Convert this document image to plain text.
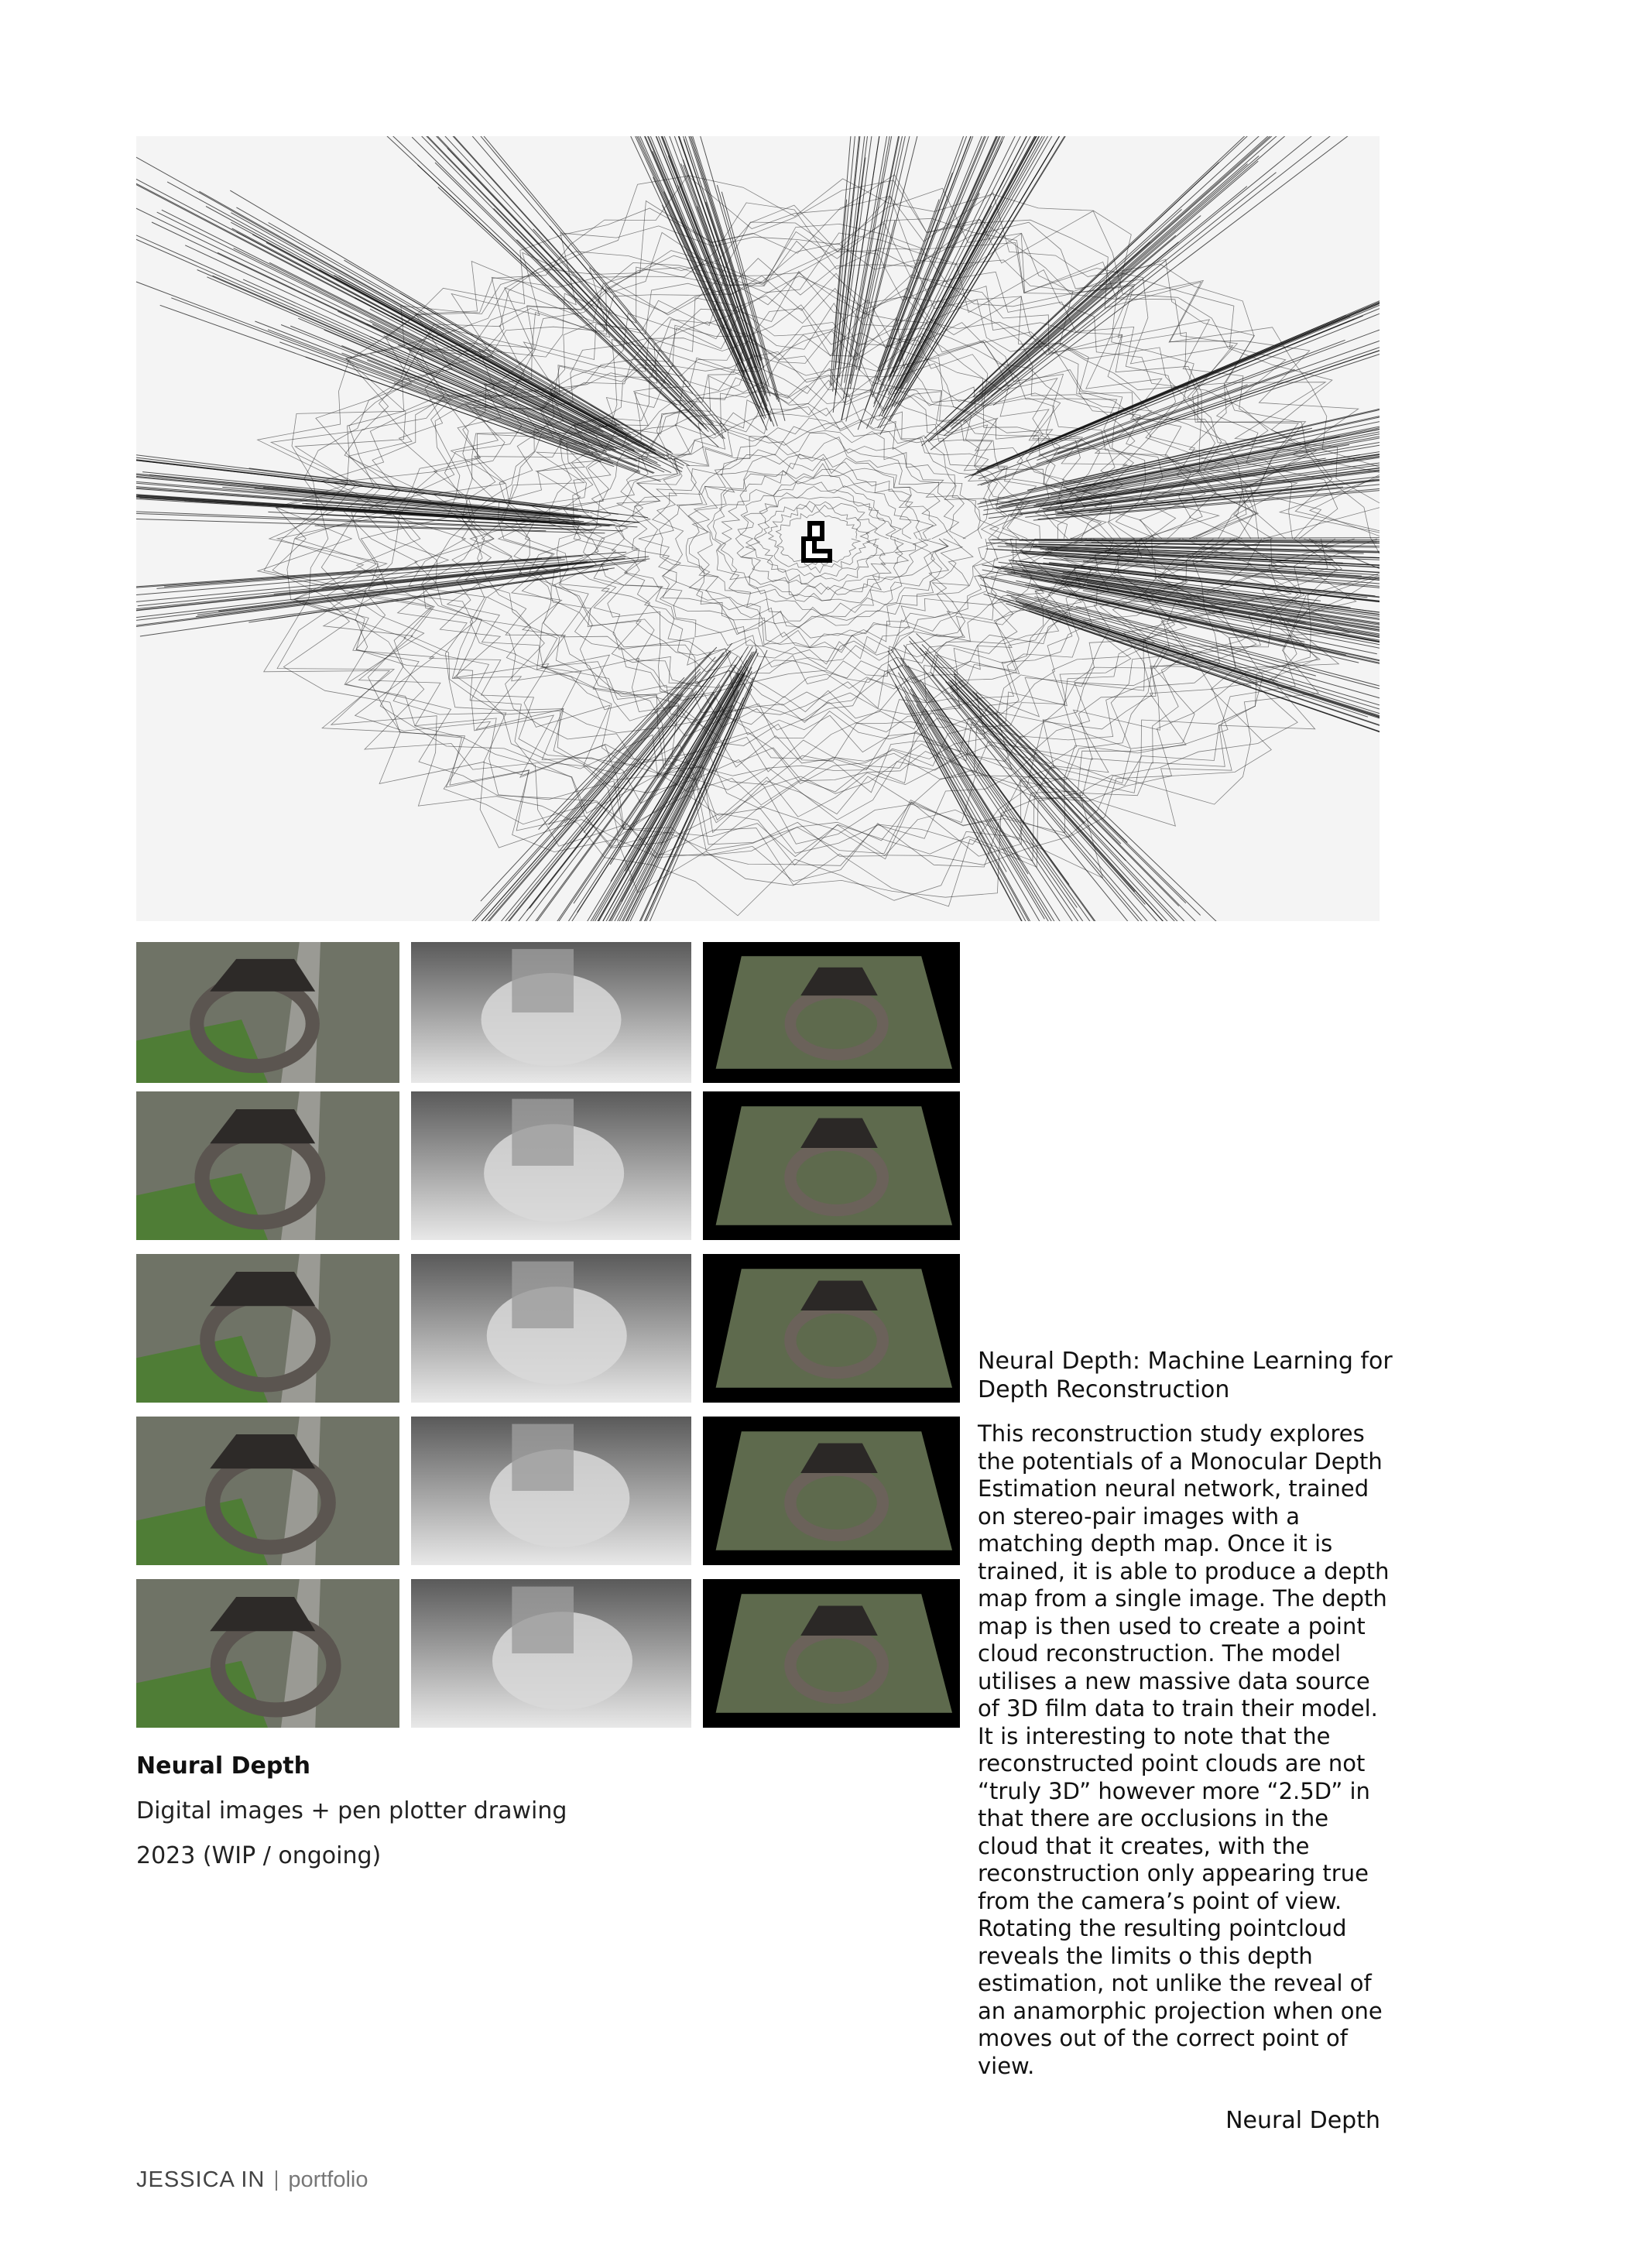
Neural Depth
Digital images + pen plotter drawing
2023 (WIP / ongoing)
Neural Depth: Machine Learning for Depth Reconstruction
This reconstruction study explores the potentials of a Monocular Depth Estimation neural network, trained on stereo-pair images with a matching depth map. Once it is trained, it is able to produce a depth map from a single image. The depth map is then used to create a point cloud reconstruction. The model utilises a new massive data source of 3D film data to train their model. It is interesting to note that the reconstructed point clouds are not “truly 3D” however more “2.5D” in that there are occlusions in the cloud that it creates, with the reconstruction only appearing true from the camera’s point of view. Rotating the resulting pointcloud reveals the limits o this depth estimation, not unlike the reveal of an anamorphic projection when one moves out of the correct point of view.
Neural Depth
JESSICA IN portfolio
